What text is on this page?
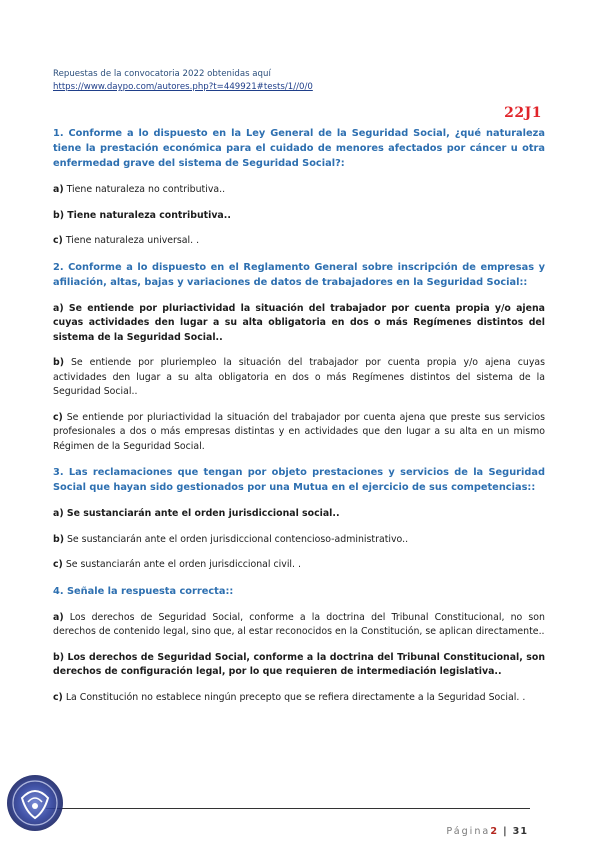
Repuestas de la convocatoria 2022 obtenidas aquí
https://www.daypo.com/autores.php?t=449921#tests/1//0/0
22J1

1. Conforme a lo dispuesto en la Ley General de la Seguridad Social, ¿qué naturaleza tiene la prestación económica para el cuidado de menores afectados por cáncer u otra enfermedad grave del sistema de Seguridad Social?:

a) Tiene naturaleza no contributiva..

b) Tiene naturaleza contributiva..

c) Tiene naturaleza universal. .

2. Conforme a lo dispuesto en el Reglamento General sobre inscripción de empresas y afiliación, altas, bajas y variaciones de datos de trabajadores en la Seguridad Social::

a) Se entiende por pluriactividad la situación del trabajador por cuenta propia y/o ajena cuyas actividades den lugar a su alta obligatoria en dos o más Regímenes distintos del sistema de la Seguridad Social..

b) Se entiende por pluriempleo la situación del trabajador por cuenta propia y/o ajena cuyas actividades den lugar a su alta obligatoria en dos o más Regímenes distintos del sistema de la Seguridad Social..

c) Se entiende por pluriactividad la situación del trabajador por cuenta ajena que preste sus servicios profesionales a dos o más empresas distintas y en actividades que den lugar a su alta en un mismo Régimen de la Seguridad Social.

3. Las reclamaciones que tengan por objeto prestaciones y servicios de la Seguridad Social que hayan sido gestionados por una Mutua en el ejercicio de sus competencias::

a) Se sustanciarán ante el orden jurisdiccional social..

b) Se sustanciarán ante el orden jurisdiccional contencioso-administrativo..

c) Se sustanciarán ante el orden jurisdiccional civil. .

4. Señale la respuesta correcta::

a) Los derechos de Seguridad Social, conforme a la doctrina del Tribunal Constitucional, no son derechos de contenido legal, sino que, al estar reconocidos en la Constitución, se aplican directamente..

b) Los derechos de Seguridad Social, conforme a la doctrina del Tribunal Constitucional, son derechos de configuración legal, por lo que requieren de intermediación legislativa..

c) La Constitución no establece ningún precepto que se refiera directamente a la Seguridad Social. .

Página2 | 31
